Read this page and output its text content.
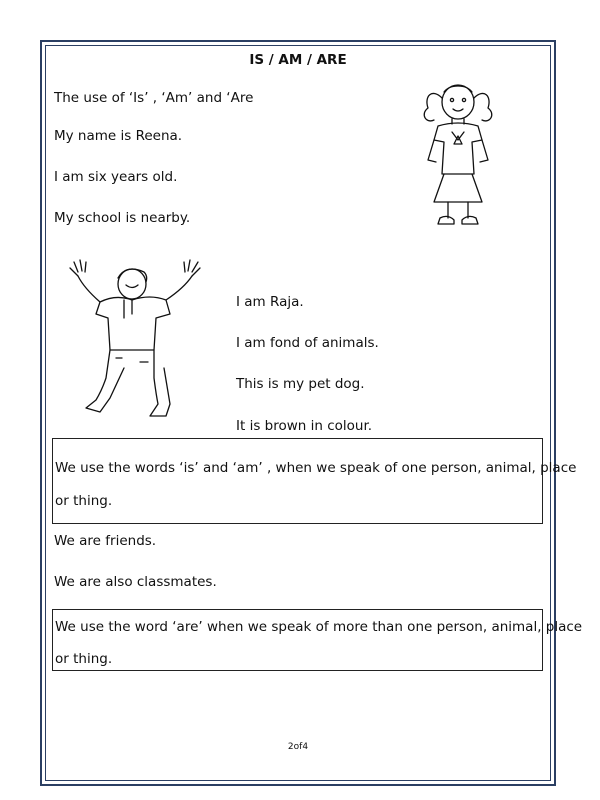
IS / AM / ARE
The use of ‘Is’ , ‘Am’ and ‘Are
My name is Reena.
I am six years old.
My school is nearby.
I am Raja.
I am fond of animals.
This is my pet dog.
It is brown in colour.
We use the words ‘is’ and ‘am’ , when we speak of one person, animal, place
or thing.
We are friends.
We are also classmates.
We use the word ‘are’ when we speak of more than one person, animal, place
or thing.
2of4
